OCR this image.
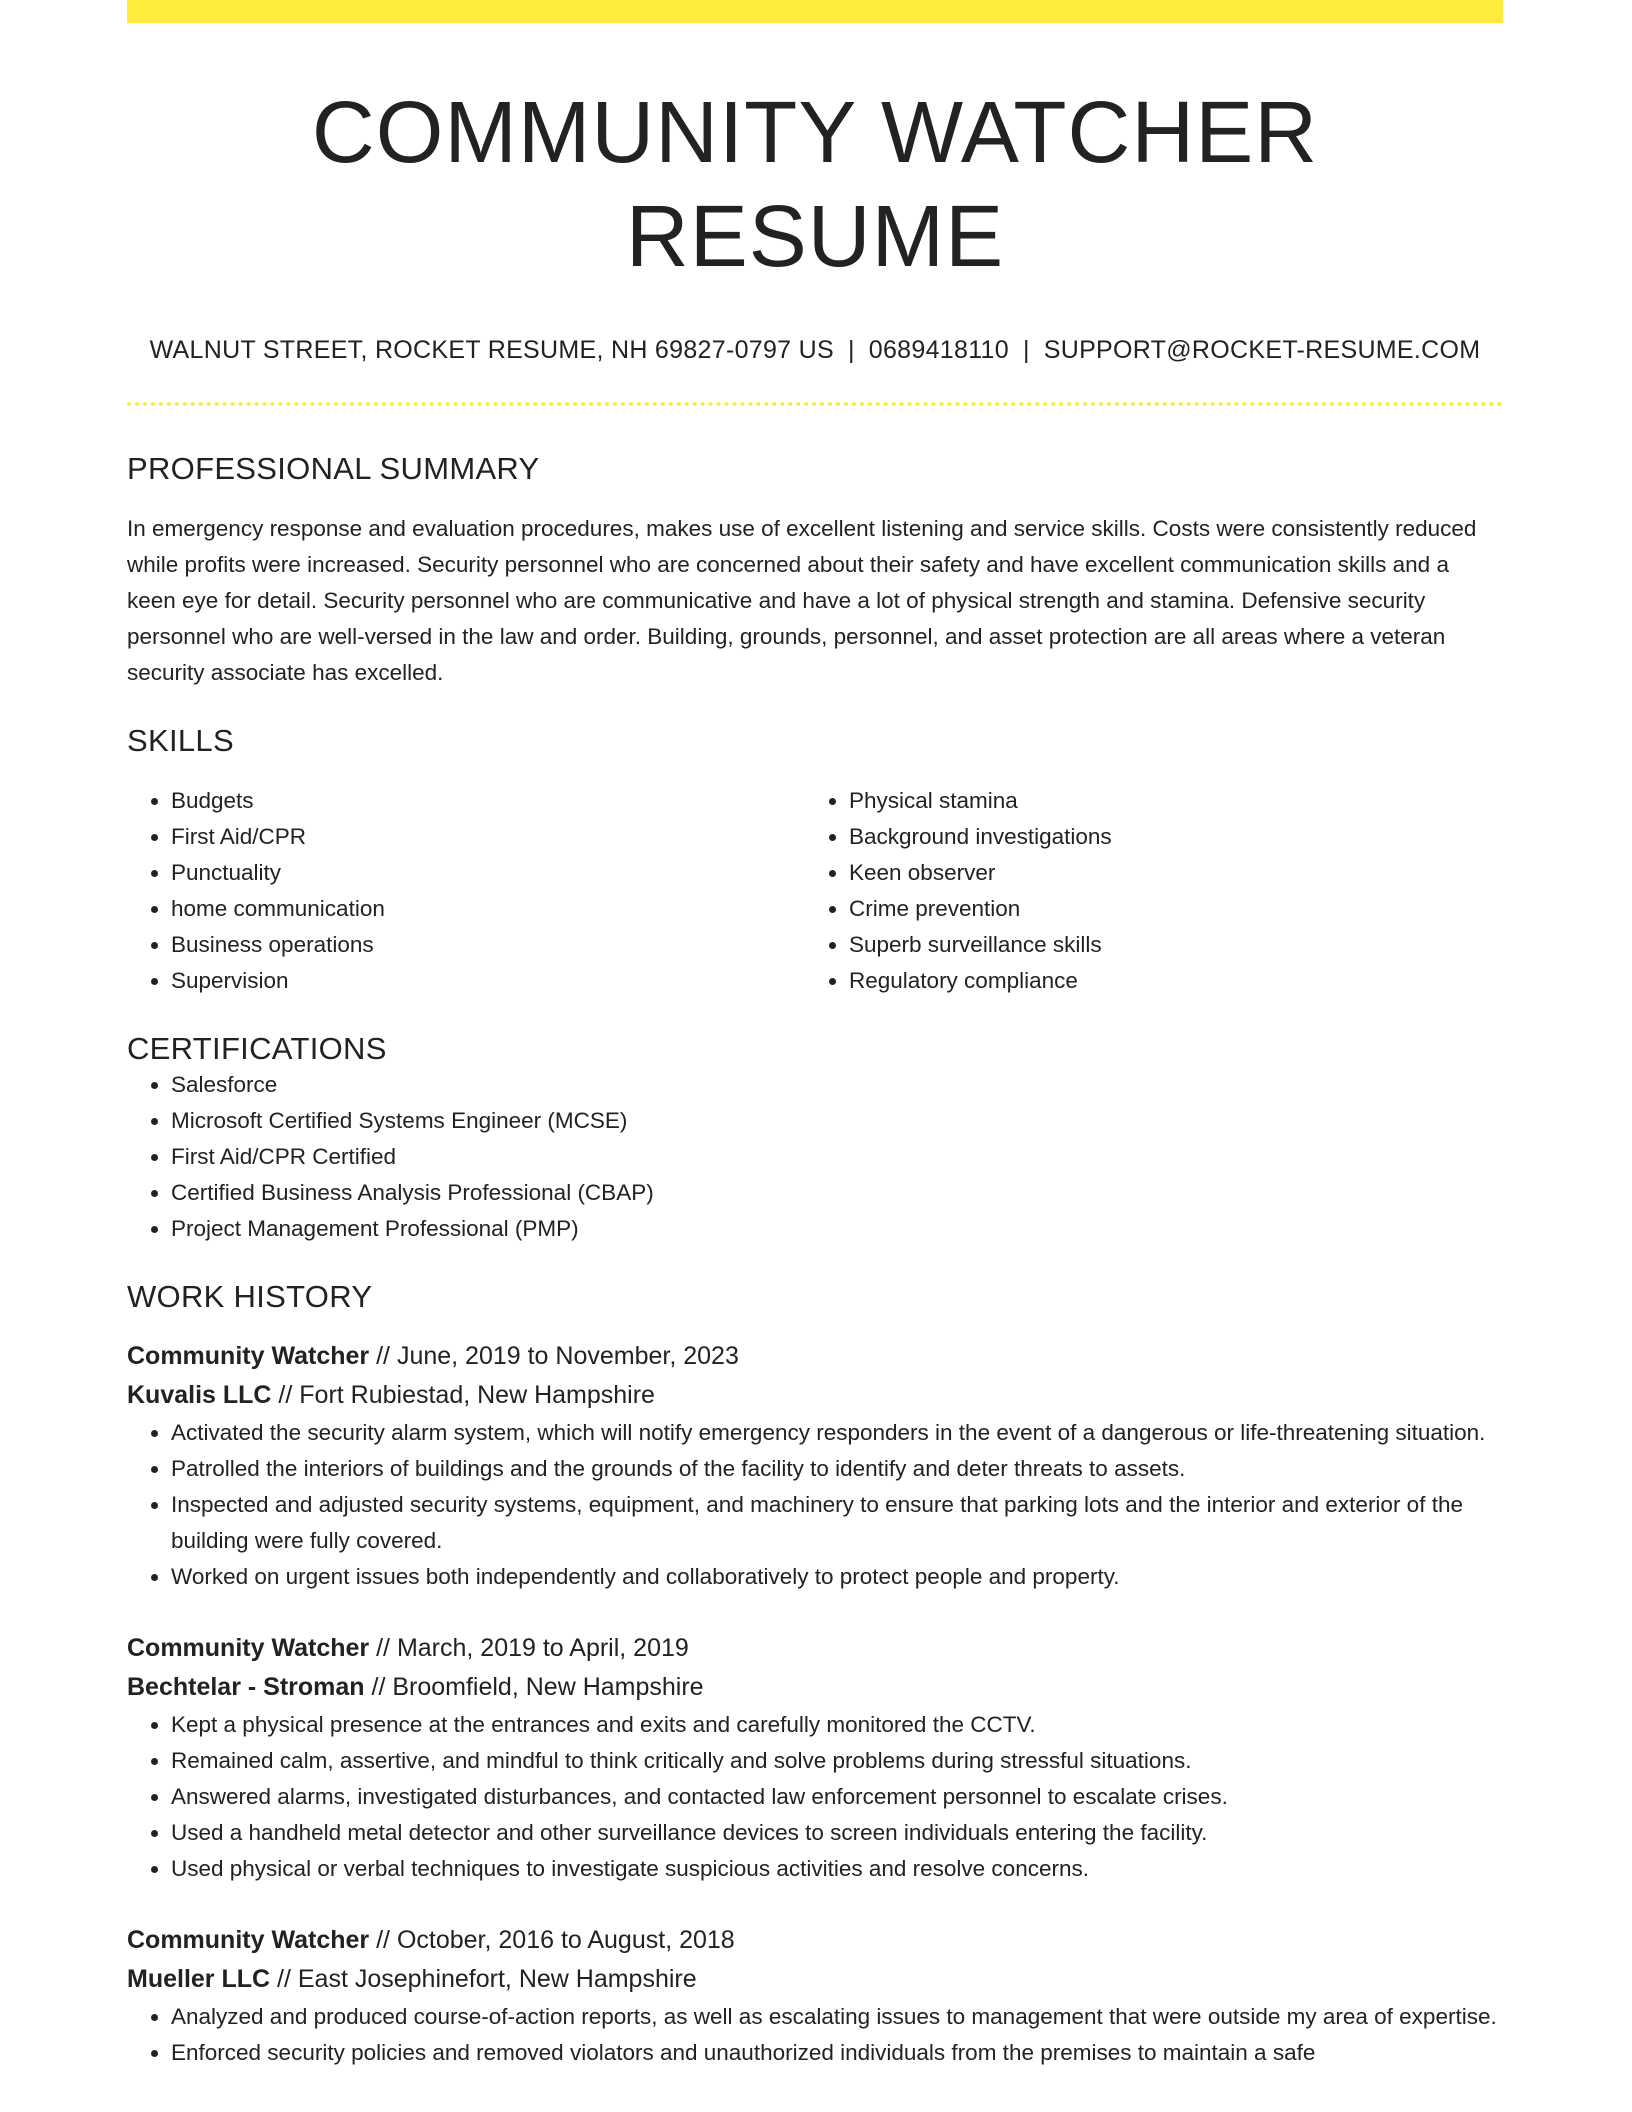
COMMUNITY WATCHER RESUME
WALNUT STREET, ROCKET RESUME, NH 69827-0797 US | 0689418110 | SUPPORT@ROCKET-RESUME.COM
PROFESSIONAL SUMMARY
In emergency response and evaluation procedures, makes use of excellent listening and service skills. Costs were consistently reduced while profits were increased. Security personnel who are concerned about their safety and have excellent communication skills and a keen eye for detail. Security personnel who are communicative and have a lot of physical strength and stamina. Defensive security personnel who are well-versed in the law and order. Building, grounds, personnel, and asset protection are all areas where a veteran security associate has excelled.
SKILLS
• Budgets
• First Aid/CPR
• Punctuality
• home communication
• Business operations
• Supervision
• Physical stamina
• Background investigations
• Keen observer
• Crime prevention
• Superb surveillance skills
• Regulatory compliance
CERTIFICATIONS
• Salesforce
• Microsoft Certified Systems Engineer (MCSE)
• First Aid/CPR Certified
• Certified Business Analysis Professional (CBAP)
• Project Management Professional (PMP)
WORK HISTORY
Community Watcher // June, 2019 to November, 2023
Kuvalis LLC // Fort Rubiestad, New Hampshire
• Activated the security alarm system, which will notify emergency responders in the event of a dangerous or life-threatening situation.
• Patrolled the interiors of buildings and the grounds of the facility to identify and deter threats to assets.
• Inspected and adjusted security systems, equipment, and machinery to ensure that parking lots and the interior and exterior of the building were fully covered.
• Worked on urgent issues both independently and collaboratively to protect people and property.
Community Watcher // March, 2019 to April, 2019
Bechtelar - Stroman // Broomfield, New Hampshire
• Kept a physical presence at the entrances and exits and carefully monitored the CCTV.
• Remained calm, assertive, and mindful to think critically and solve problems during stressful situations.
• Answered alarms, investigated disturbances, and contacted law enforcement personnel to escalate crises.
• Used a handheld metal detector and other surveillance devices to screen individuals entering the facility.
• Used physical or verbal techniques to investigate suspicious activities and resolve concerns.
Community Watcher // October, 2016 to August, 2018
Mueller LLC // East Josephinefort, New Hampshire
• Analyzed and produced course-of-action reports, as well as escalating issues to management that were outside my area of expertise.
• Enforced security policies and removed violators and unauthorized individuals from the premises to maintain a safe
